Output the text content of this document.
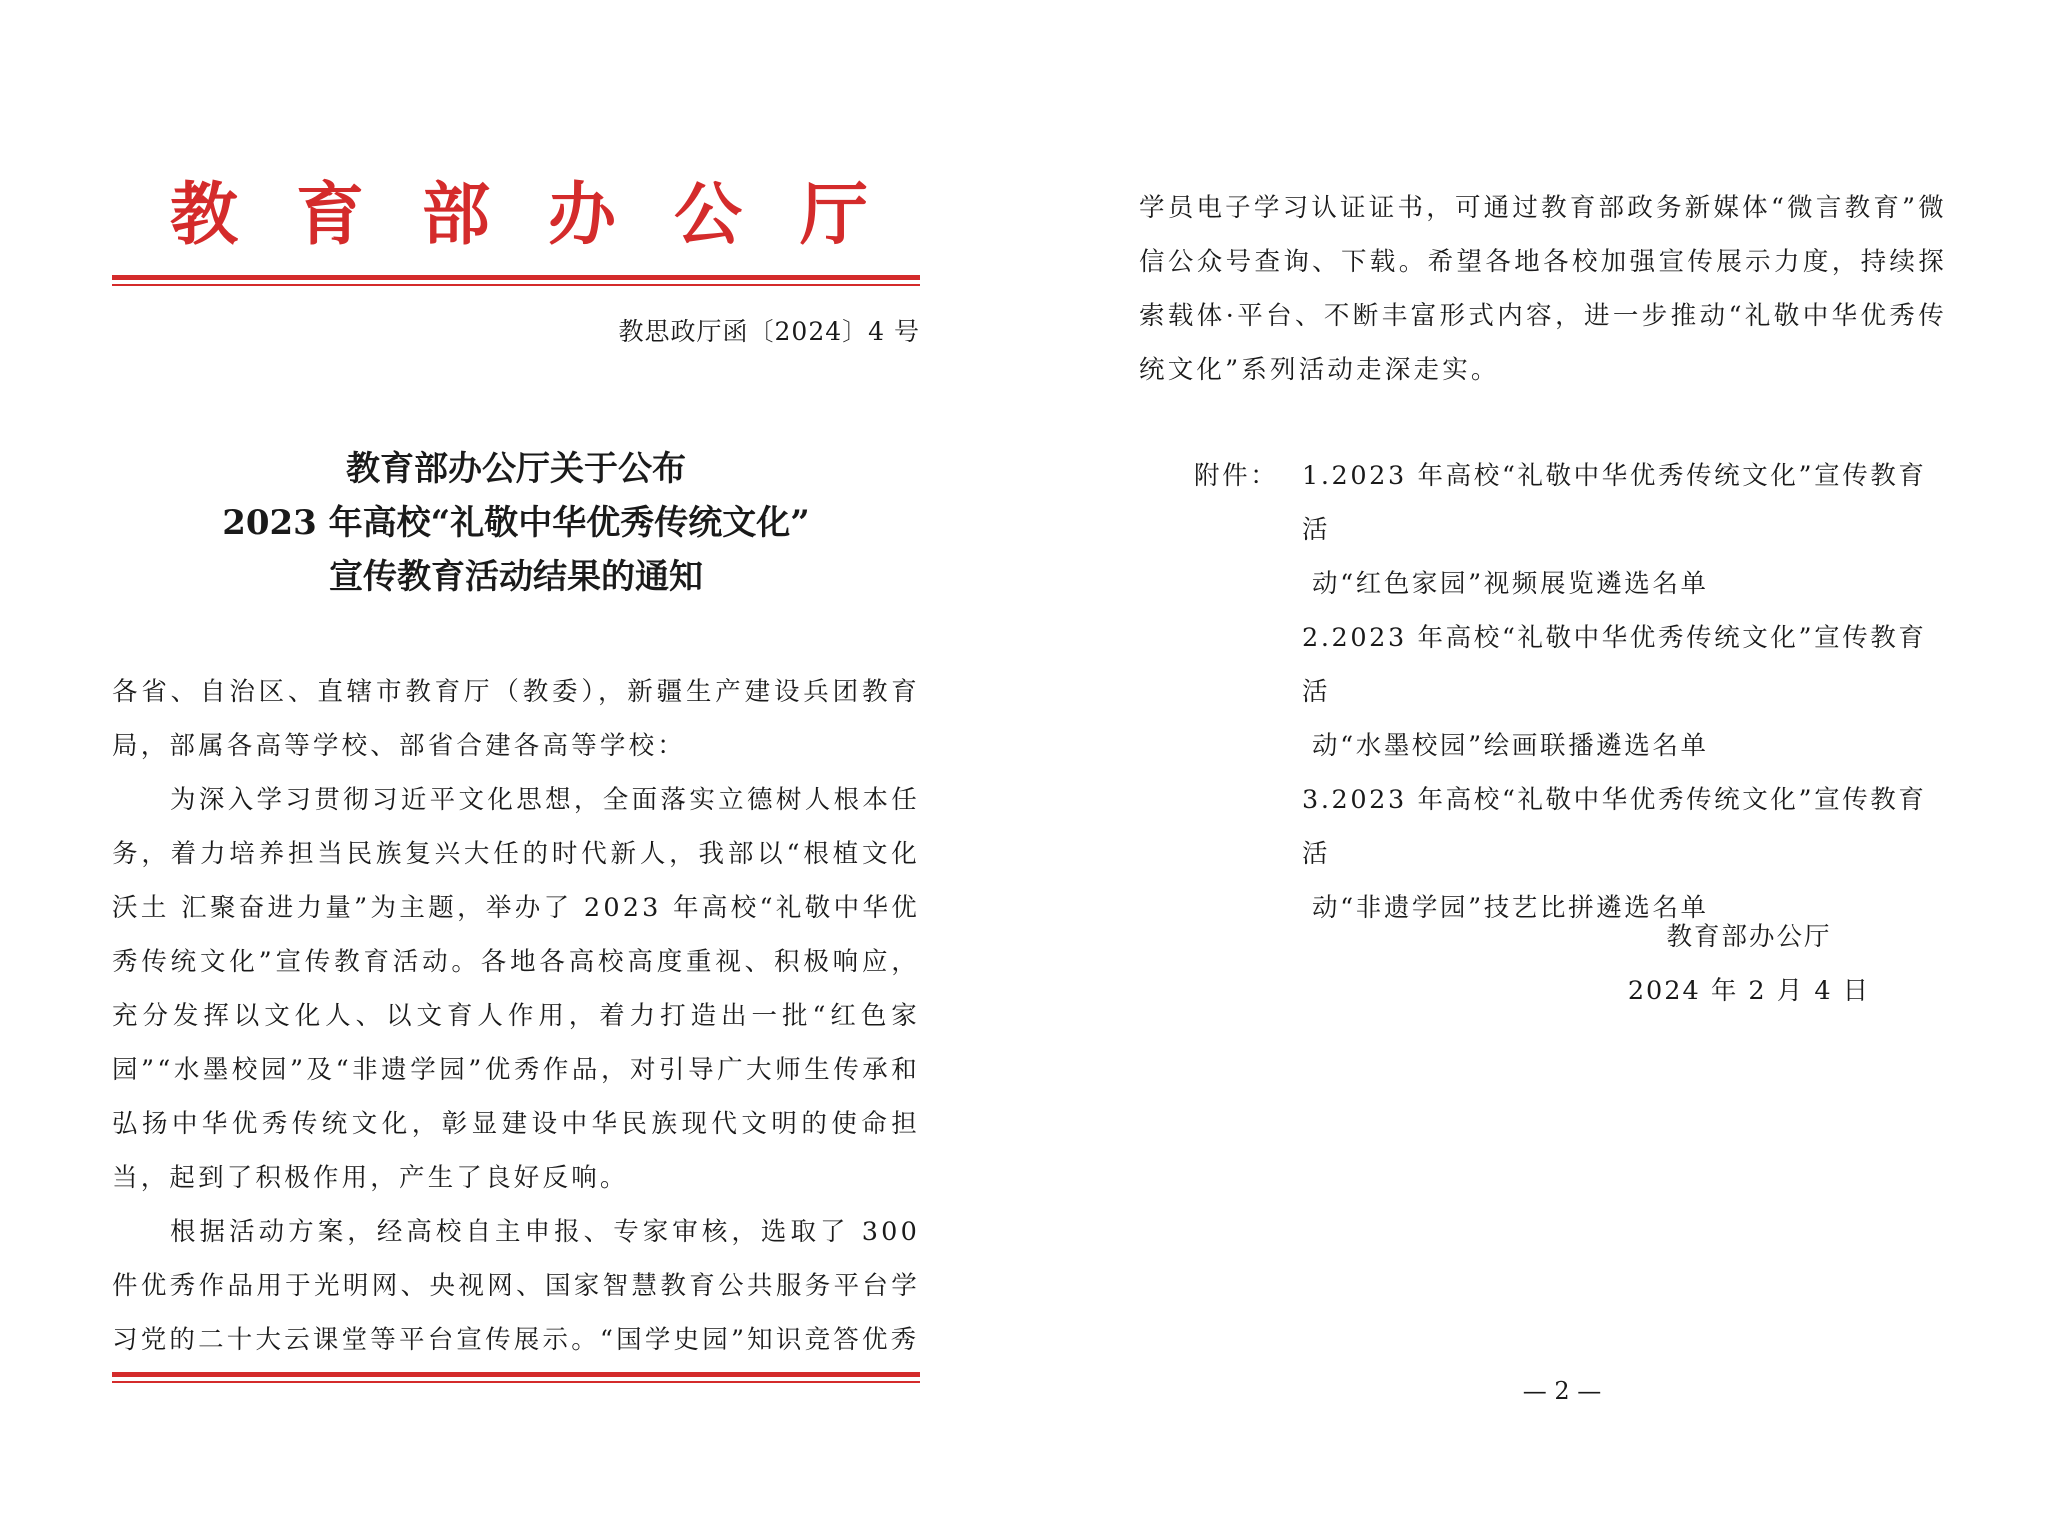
教育部办公厅
教思政厅函〔2024〕4 号
教育部办公厅关于公布
2023 年高校“礼敬中华优秀传统文化”
宣传教育活动结果的通知
各省、自治区、直辖市教育厅（教委），新疆生产建设兵团教育局，部属各高等学校、部省合建各高等学校：
为深入学习贯彻习近平文化思想，全面落实立德树人根本任务，着力培养担当民族复兴大任的时代新人，我部以“根植文化沃土 汇聚奋进力量”为主题，举办了 2023 年高校“礼敬中华优秀传统文化”宣传教育活动。各地各高校高度重视、积极响应，充分发挥以文化人、以文育人作用，着力打造出一批“红色家园”“水墨校园”及“非遗学园”优秀作品，对引导广大师生传承和弘扬中华优秀传统文化，彰显建设中华民族现代文明的使命担当，起到了积极作用，产生了良好反响。
根据活动方案，经高校自主申报、专家审核，选取了 300 件优秀作品用于光明网、央视网、国家智慧教育公共服务平台学习党的二十大云课堂等平台宣传展示。“国学史园”知识竞答优秀
学员电子学习认证证书，可通过教育部政务新媒体“微言教育”微信公众号查询、下载。希望各地各校加强宣传展示力度，持续探索载体·平台、不断丰富形式内容，进一步推动“礼敬中华优秀传统文化”系列活动走深走实。
附件： 1.2023 年高校“礼敬中华优秀传统文化”宣传教育活
动“红色家园”视频展览遴选名单
2.2023 年高校“礼敬中华优秀传统文化”宣传教育活
动“水墨校园”绘画联播遴选名单
3.2023 年高校“礼敬中华优秀传统文化”宣传教育活
动“非遗学园”技艺比拼遴选名单
教育部办公厅
2024 年 2 月 4 日
— 2 —
